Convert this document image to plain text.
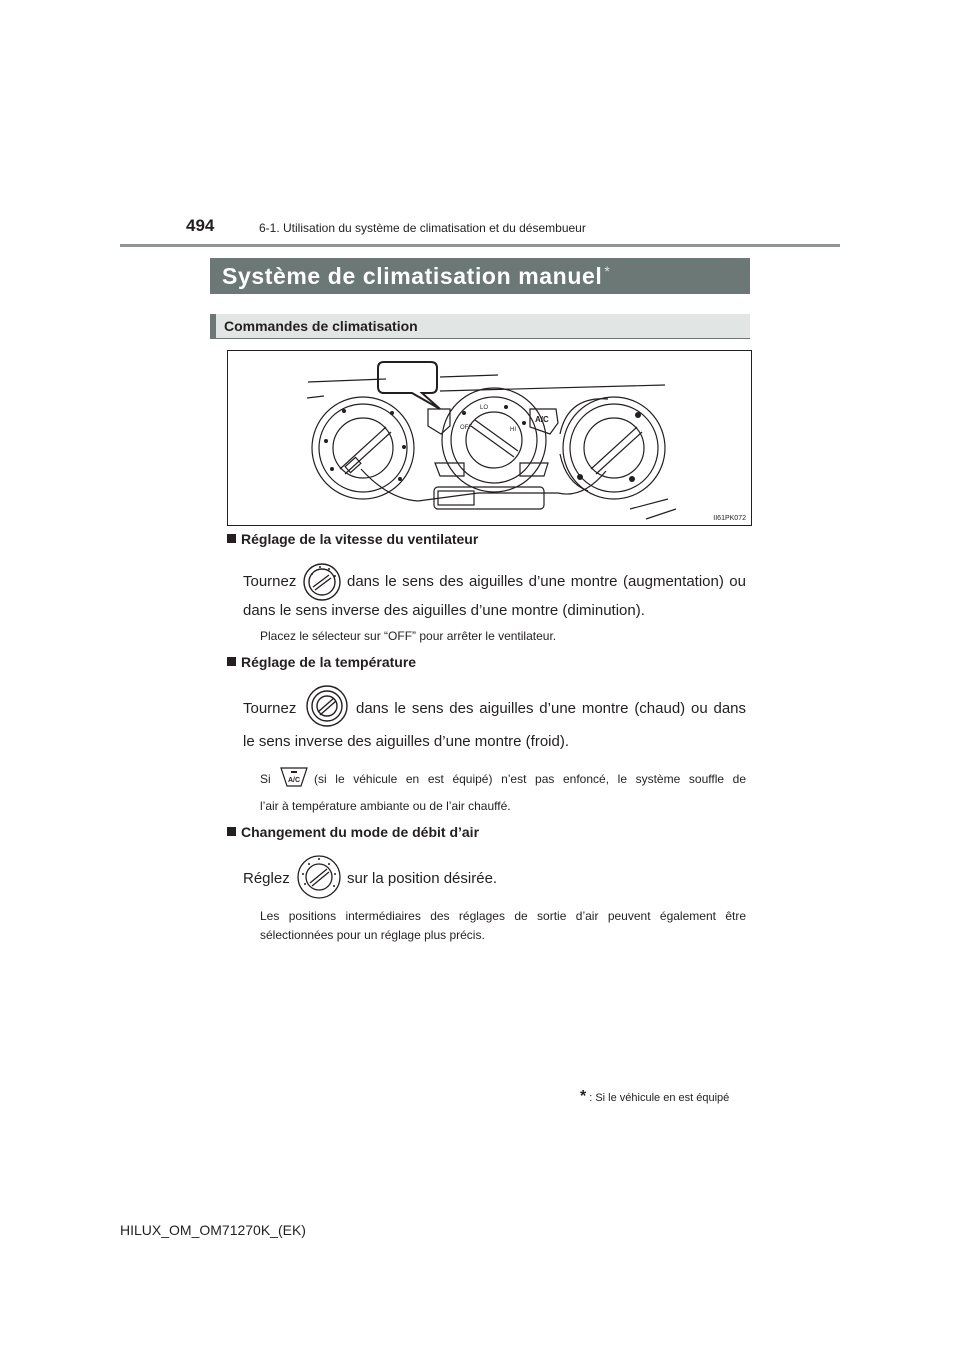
494	6-1. Utilisation du système de climatisation et du désembueur
Système de climatisation manuel *
Commandes de climatisation
LO
HI
OFF
A/C
II61PK072
Réglage de la vitesse du ventilateur
Tournez	dans le sens des aiguilles d’une montre (augmentation) ou
dans le sens inverse des aiguilles d’une montre (diminution).
Placez le sélecteur sur “OFF” pour arrêter le ventilateur.
Réglage de la température
Tournez	dans le sens des aiguilles d’une montre (chaud) ou dans
le sens inverse des aiguilles d’une montre (froid).
Si A/C (si le véhicule en est équipé) n’est pas enfoncé, le système souffle de
l’air à température ambiante ou de l’air chauffé.
Changement du mode de débit d’air
Réglez	sur la position désirée.
Les positions intermédiaires des réglages de sortie d’air peuvent également être
sélectionnées pour un réglage plus précis.
* : Si le véhicule en est équipé
HILUX_OM_OM71270K_(EK)
